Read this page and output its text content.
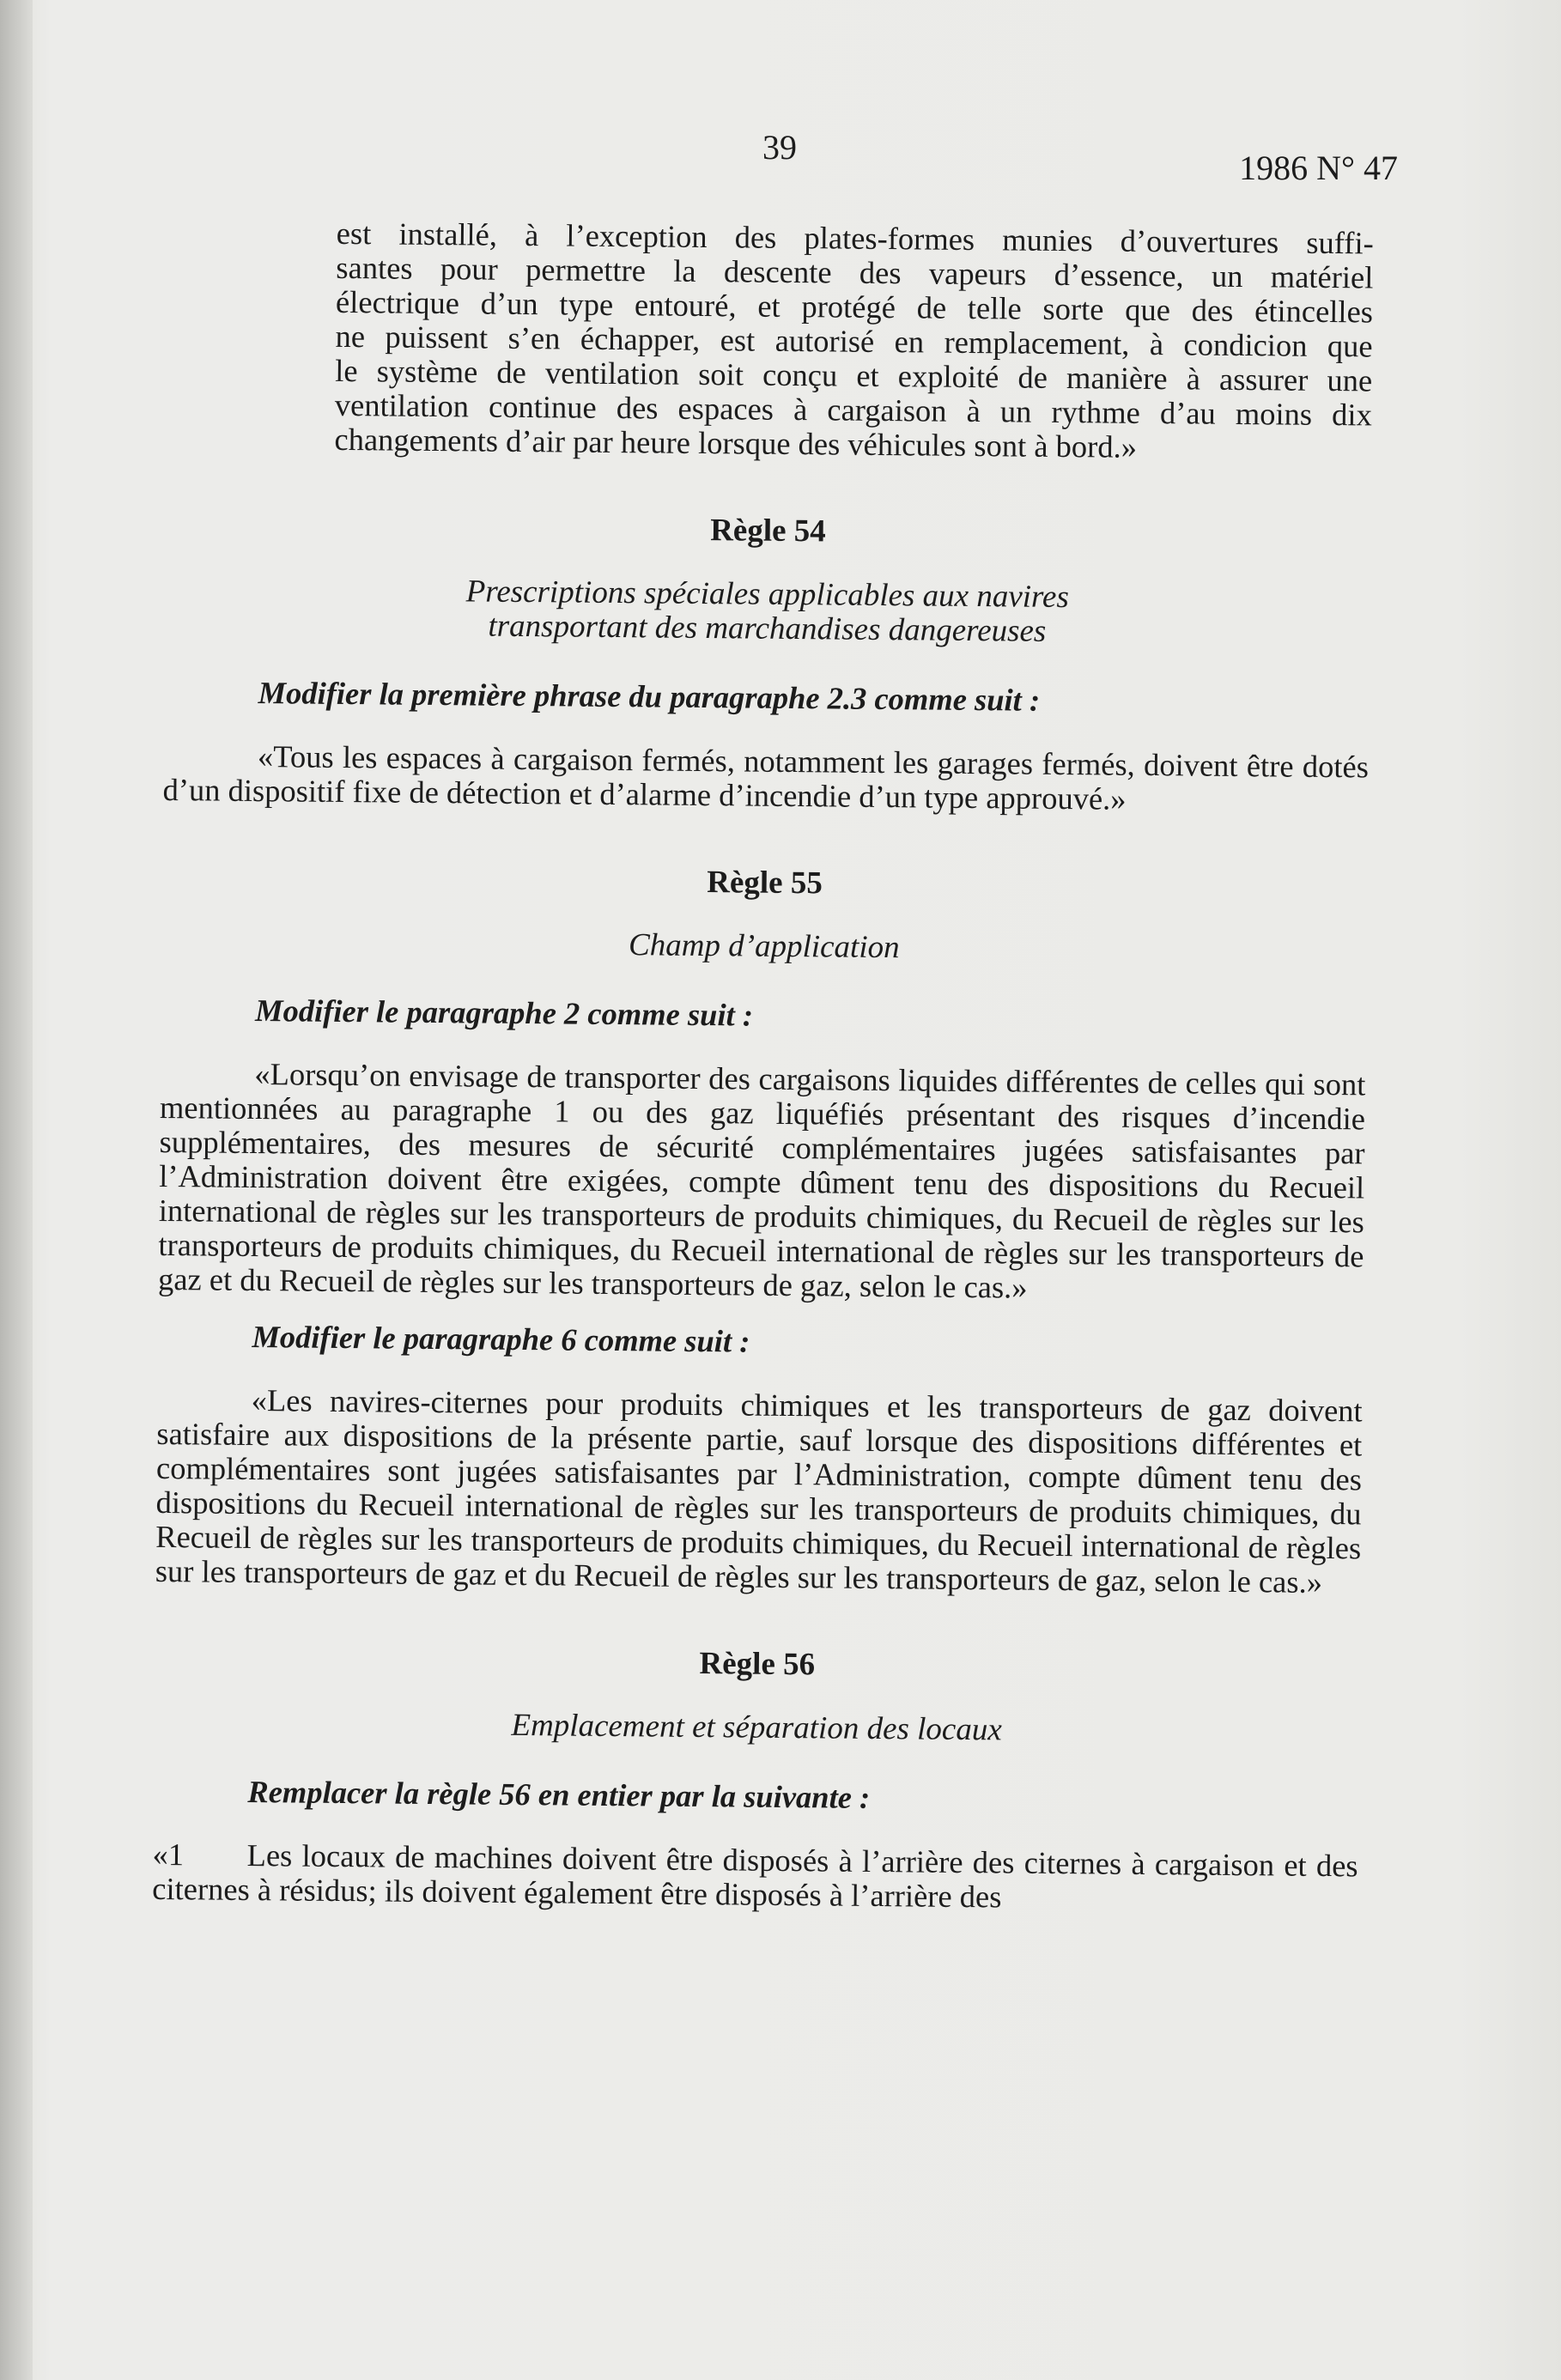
39
1986 N° 47
est installé, à l’exception des plates-formes munies d’ouvertures suffi-
santes pour permettre la descente des vapeurs d’essence, un matériel
électrique d’un type entouré, et protégé de telle sorte que des étincelles
ne puissent s’en échapper, est autorisé en remplacement, à condicion que
le système de ventilation soit conçu et exploité de manière à assurer une
ventilation continue des espaces à cargaison à un rythme d’au moins dix
changements d’air par heure lorsque des véhicules sont à bord.»
Règle 54
Prescriptions spéciales applicables aux navires
transportant des marchandises dangereuses

Modifier la première phrase du paragraphe 2.3 comme suit :

«Tous les espaces à cargaison fermés, notamment les garages fermés, doivent être dotés d’un dispositif fixe de détection et d’alarme d’incendie d’un type approuvé.»

Règle 55
Champ d’application

Modifier le paragraphe 2 comme suit :

«Lorsqu’on envisage de transporter des cargaisons liquides différentes de celles qui sont mentionnées au paragraphe 1 ou des gaz liquéfiés présentant des risques d’incendie supplémentaires, des mesures de sécurité complémentaires jugées satisfaisantes par l’Administration doivent être exigées, compte dûment tenu des dispositions du Recueil international de règles sur les transporteurs de produits chimiques, du Recueil de règles sur les transporteurs de produits chimiques, du Recueil international de règles sur les transporteurs de gaz et du Recueil de règles sur les transporteurs de gaz, selon le cas.»

Modifier le paragraphe 6 comme suit :

«Les navires-citernes pour produits chimiques et les transporteurs de gaz doivent satisfaire aux dispositions de la présente partie, sauf lorsque des dispositions différentes et complémentaires sont jugées satisfaisantes par l’Administration, compte dûment tenu des dispositions du Recueil international de règles sur les transporteurs de produits chimiques, du Recueil de règles sur les transporteurs de produits chimiques, du Recueil international de règles sur les transporteurs de gaz et du Recueil de règles sur les transporteurs de gaz, selon le cas.»

Règle 56
Emplacement et séparation des locaux

Remplacer la règle 56 en entier par la suivante :

«1 Les locaux de machines doivent être disposés à l’arrière des citernes à cargaison et des citernes à résidus; ils doivent également être disposés à l’arrière des
